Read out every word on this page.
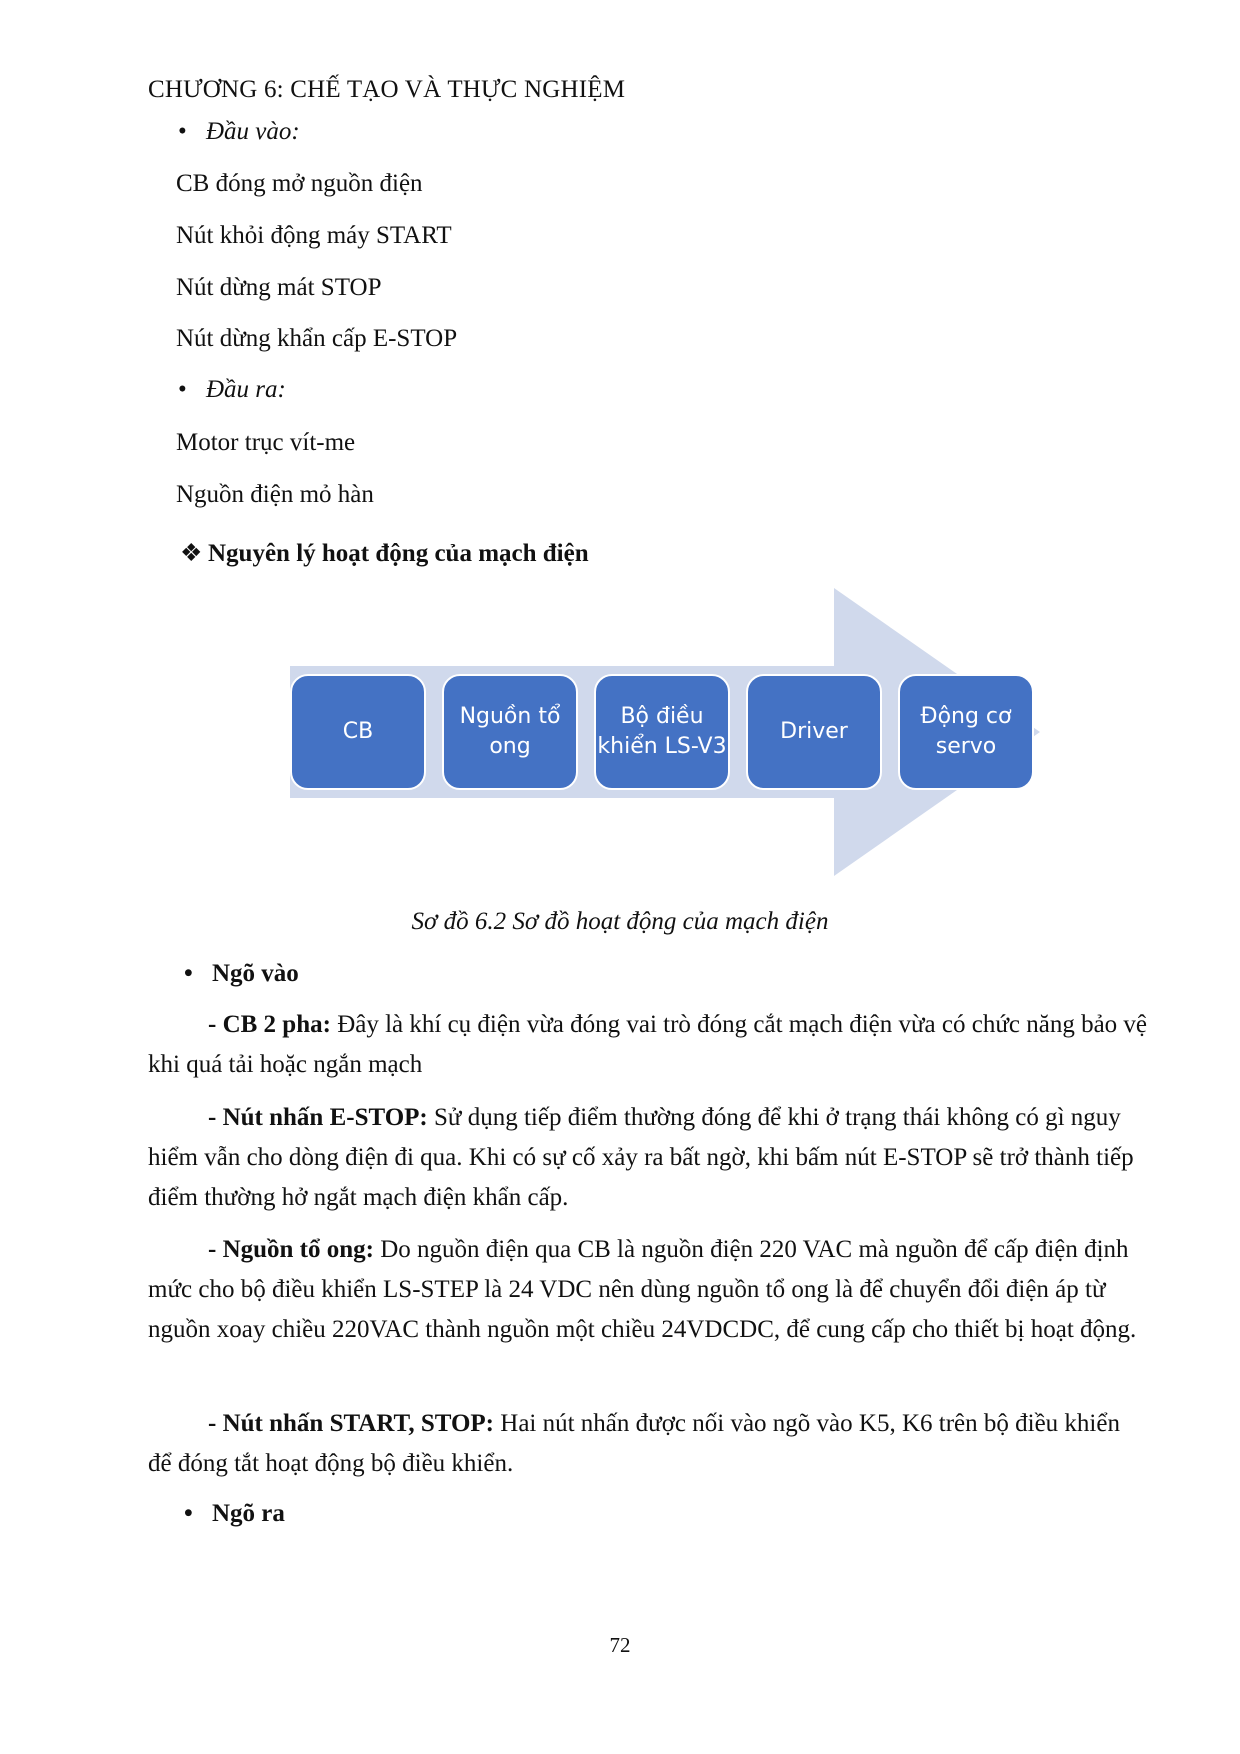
CHƯƠNG 6: CHẾ TẠO VÀ THỰC NGHIỆM
• Đầu vào:
CB đóng mở nguồn điện
Nút khỏi động máy START
Nút dừng mát STOP
Nút dừng khẩn cấp E-STOP
• Đầu ra:
Motor trục vít-me
Nguồn điện mỏ hàn
❖ Nguyên lý hoạt động của mạch điện
CB
Nguồn tổ ong
Bộ điều khiển LS-V3
Driver
Động cơ servo
Sơ đồ 6.2 Sơ đồ hoạt động của mạch điện
• Ngõ vào
- CB 2 pha: Đây là khí cụ điện vừa đóng vai trò đóng cắt mạch điện vừa có chức năng bảo vệ khi quá tải hoặc ngắn mạch
- Nút nhấn E-STOP: Sử dụng tiếp điểm thường đóng để khi ở trạng thái không có gì nguy hiểm vẫn cho dòng điện đi qua. Khi có sự cố xảy ra bất ngờ, khi bấm nút E-STOP sẽ trở thành tiếp điểm thường hở ngắt mạch điện khẩn cấp.
- Nguồn tổ ong: Do nguồn điện qua CB là nguồn điện 220 VAC mà nguồn để cấp điện định mức cho bộ điều khiển LS-STEP là 24 VDC nên dùng nguồn tổ ong là để chuyển đổi điện áp từ nguồn xoay chiều 220VAC thành nguồn một chiều 24VDCDC, để cung cấp cho thiết bị hoạt động.
- Nút nhấn START, STOP: Hai nút nhấn được nối vào ngõ vào K5, K6 trên bộ điều khiển để đóng tắt hoạt động bộ điều khiển.
• Ngõ ra
72
